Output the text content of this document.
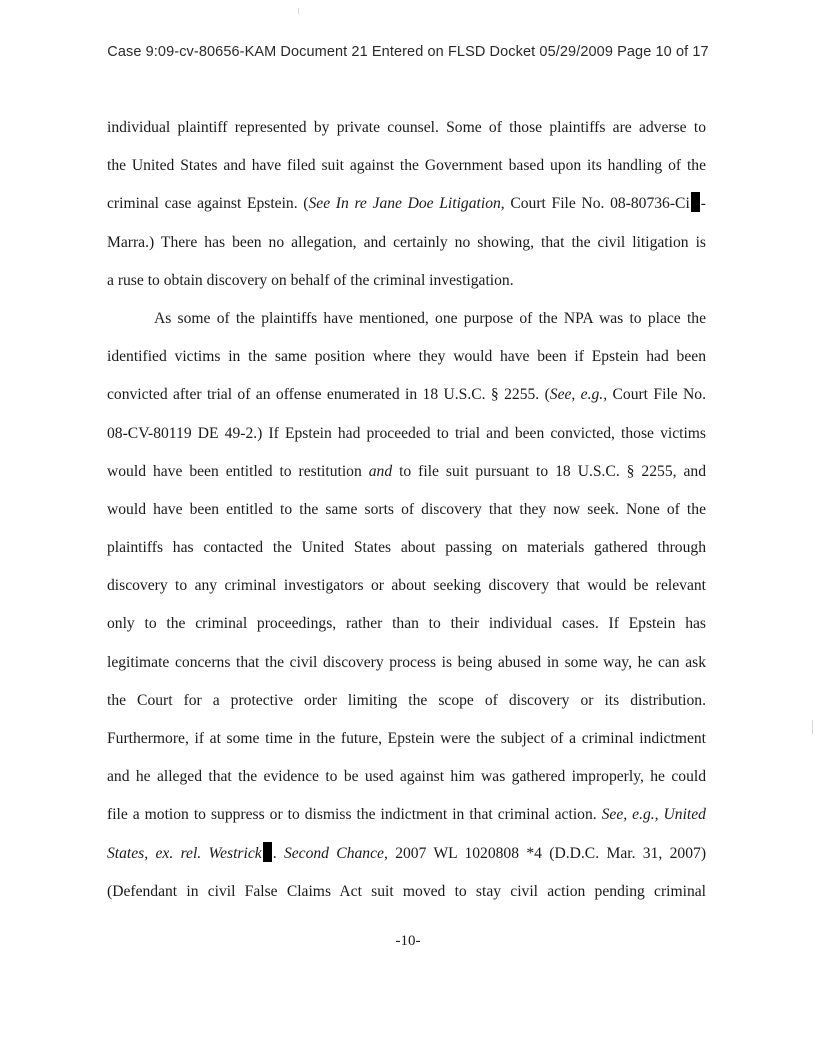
Case 9:09-cv-80656-KAM Document 21 Entered on FLSD Docket 05/29/2009 Page 10 of 17
individual plaintiff represented by private counsel. Some of those plaintiffs are adverse to
the United States and have filed suit against the Government based upon its handling of the
criminal case against Epstein. (See In re Jane Doe Litigation, Court File No. 08-80736-Ci -
Marra.) There has been no allegation, and certainly no showing, that the civil litigation is
a ruse to obtain discovery on behalf of the criminal investigation.
As some of the plaintiffs have mentioned, one purpose of the NPA was to place the
identified victims in the same position where they would have been if Epstein had been
convicted after trial of an offense enumerated in 18 U.S.C. § 2255. (See, e.g., Court File No.
08-CV-80119 DE 49-2.) If Epstein had proceeded to trial and been convicted, those victims
would have been entitled to restitution and to file suit pursuant to 18 U.S.C. § 2255, and
would have been entitled to the same sorts of discovery that they now seek. None of the
plaintiffs has contacted the United States about passing on materials gathered through
discovery to any criminal investigators or about seeking discovery that would be relevant
only to the criminal proceedings, rather than to their individual cases. If Epstein has
legitimate concerns that the civil discovery process is being abused in some way, he can ask
the Court for a protective order limiting the scope of discovery or its distribution.
Furthermore, if at some time in the future, Epstein were the subject of a criminal indictment
and he alleged that the evidence to be used against him was gathered improperly, he could
file a motion to suppress or to dismiss the indictment in that criminal action. See, e.g., United
States, ex. rel. Westrick . Second Chance, 2007 WL 1020808 *4 (D.D.C. Mar. 31, 2007)
(Defendant in civil False Claims Act suit moved to stay civil action pending criminal
-10-
